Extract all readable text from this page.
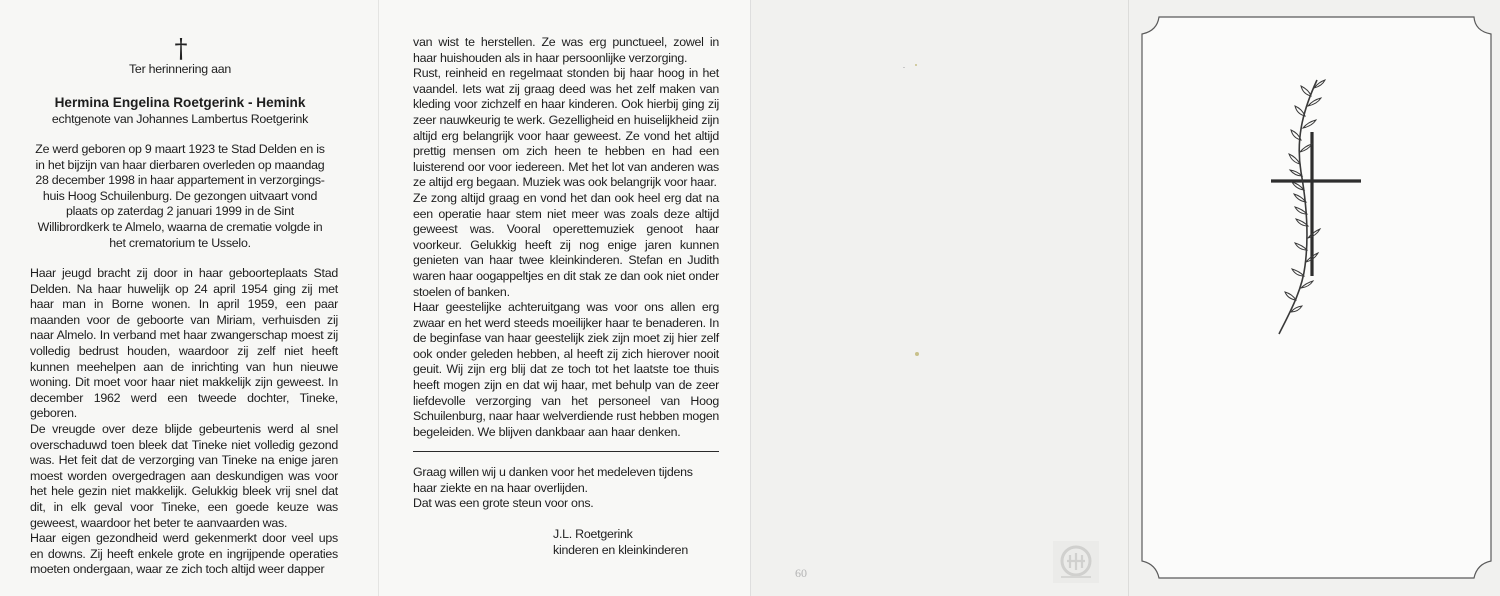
†
Ter herinnering aan
Hermina Engelina Roetgerink - Hemink
echtgenote van Johannes Lambertus Roetgerink

Ze werd geboren op 9 maart 1923 te Stad Delden en is in het bijzijn van haar dierbaren overleden op maandag 28 december 1998 in haar appartement in verzorgings-huis Hoog Schuilenburg. De gezongen uitvaart vond plaats op zaterdag 2 januari 1999 in de Sint Willibrordkerk te Almelo, waarna de crematie volgde in het crematorium te Usselo.

Haar jeugd bracht zij door in haar geboorteplaats Stad Delden. Na haar huwelijk op 24 april 1954 ging zij met haar man in Borne wonen. In april 1959, een paar maanden voor de geboorte van Miriam, verhuisden zij naar Almelo. In verband met haar zwangerschap moest zij volledig bedrust houden, waardoor zij zelf niet heeft kunnen meehelpen aan de inrichting van hun nieuwe woning. Dit moet voor haar niet makkelijk zijn geweest. In december 1962 werd een tweede dochter, Tineke, geboren.
De vreugde over deze blijde gebeurtenis werd al snel overschaduwd toen bleek dat Tineke niet volledig gezond was. Het feit dat de verzorging van Tineke na enige jaren moest worden overgedragen aan deskundigen was voor het hele gezin niet makkelijk. Gelukkig bleek vrij snel dat dit, in elk geval voor Tineke, een goede keuze was geweest, waardoor het beter te aanvaarden was.
Haar eigen gezondheid werd gekenmerkt door veel ups en downs. Zij heeft enkele grote en ingrijpende operaties moeten ondergaan, waar ze zich toch altijd weer dapper

van wist te herstellen. Ze was erg punctueel, zowel in haar huishouden als in haar persoonlijke verzorging.
Rust, reinheid en regelmaat stonden bij haar hoog in het vaandel. Iets wat zij graag deed was het zelf maken van kleding voor zichzelf en haar kinderen. Ook hierbij ging zij zeer nauwkeurig te werk. Gezelligheid en huiselijkheid zijn altijd erg belangrijk voor haar geweest. Ze vond het altijd prettig mensen om zich heen te hebben en had een luisterend oor voor iedereen. Met het lot van anderen was ze altijd erg begaan. Muziek was ook belangrijk voor haar.
Ze zong altijd graag en vond het dan ook heel erg dat na een operatie haar stem niet meer was zoals deze altijd geweest was. Vooral operettemuziek genoot haar voorkeur. Gelukkig heeft zij nog enige jaren kunnen genieten van haar twee kleinkinderen. Stefan en Judith waren haar oogappeltjes en dit stak ze dan ook niet onder stoelen of banken.
Haar geestelijke achteruitgang was voor ons allen erg zwaar en het werd steeds moeilijker haar te benaderen. In de beginfase van haar geestelijk ziek zijn moet zij hier zelf ook onder geleden hebben, al heeft zij zich hierover nooit geuit. Wij zijn erg blij dat ze toch tot het laatste toe thuis heeft mogen zijn en dat wij haar, met behulp van de zeer liefdevolle verzorging van het personeel van Hoog Schuilenburg, naar haar welverdiende rust hebben mogen begeleiden. We blijven dankbaar aan haar denken.

Graag willen wij u danken voor het medeleven tijdens haar ziekte en na haar overlijden.
Dat was een grote steun voor ons.

J.L. Roetgerink
kinderen en kleinkinderen
60
